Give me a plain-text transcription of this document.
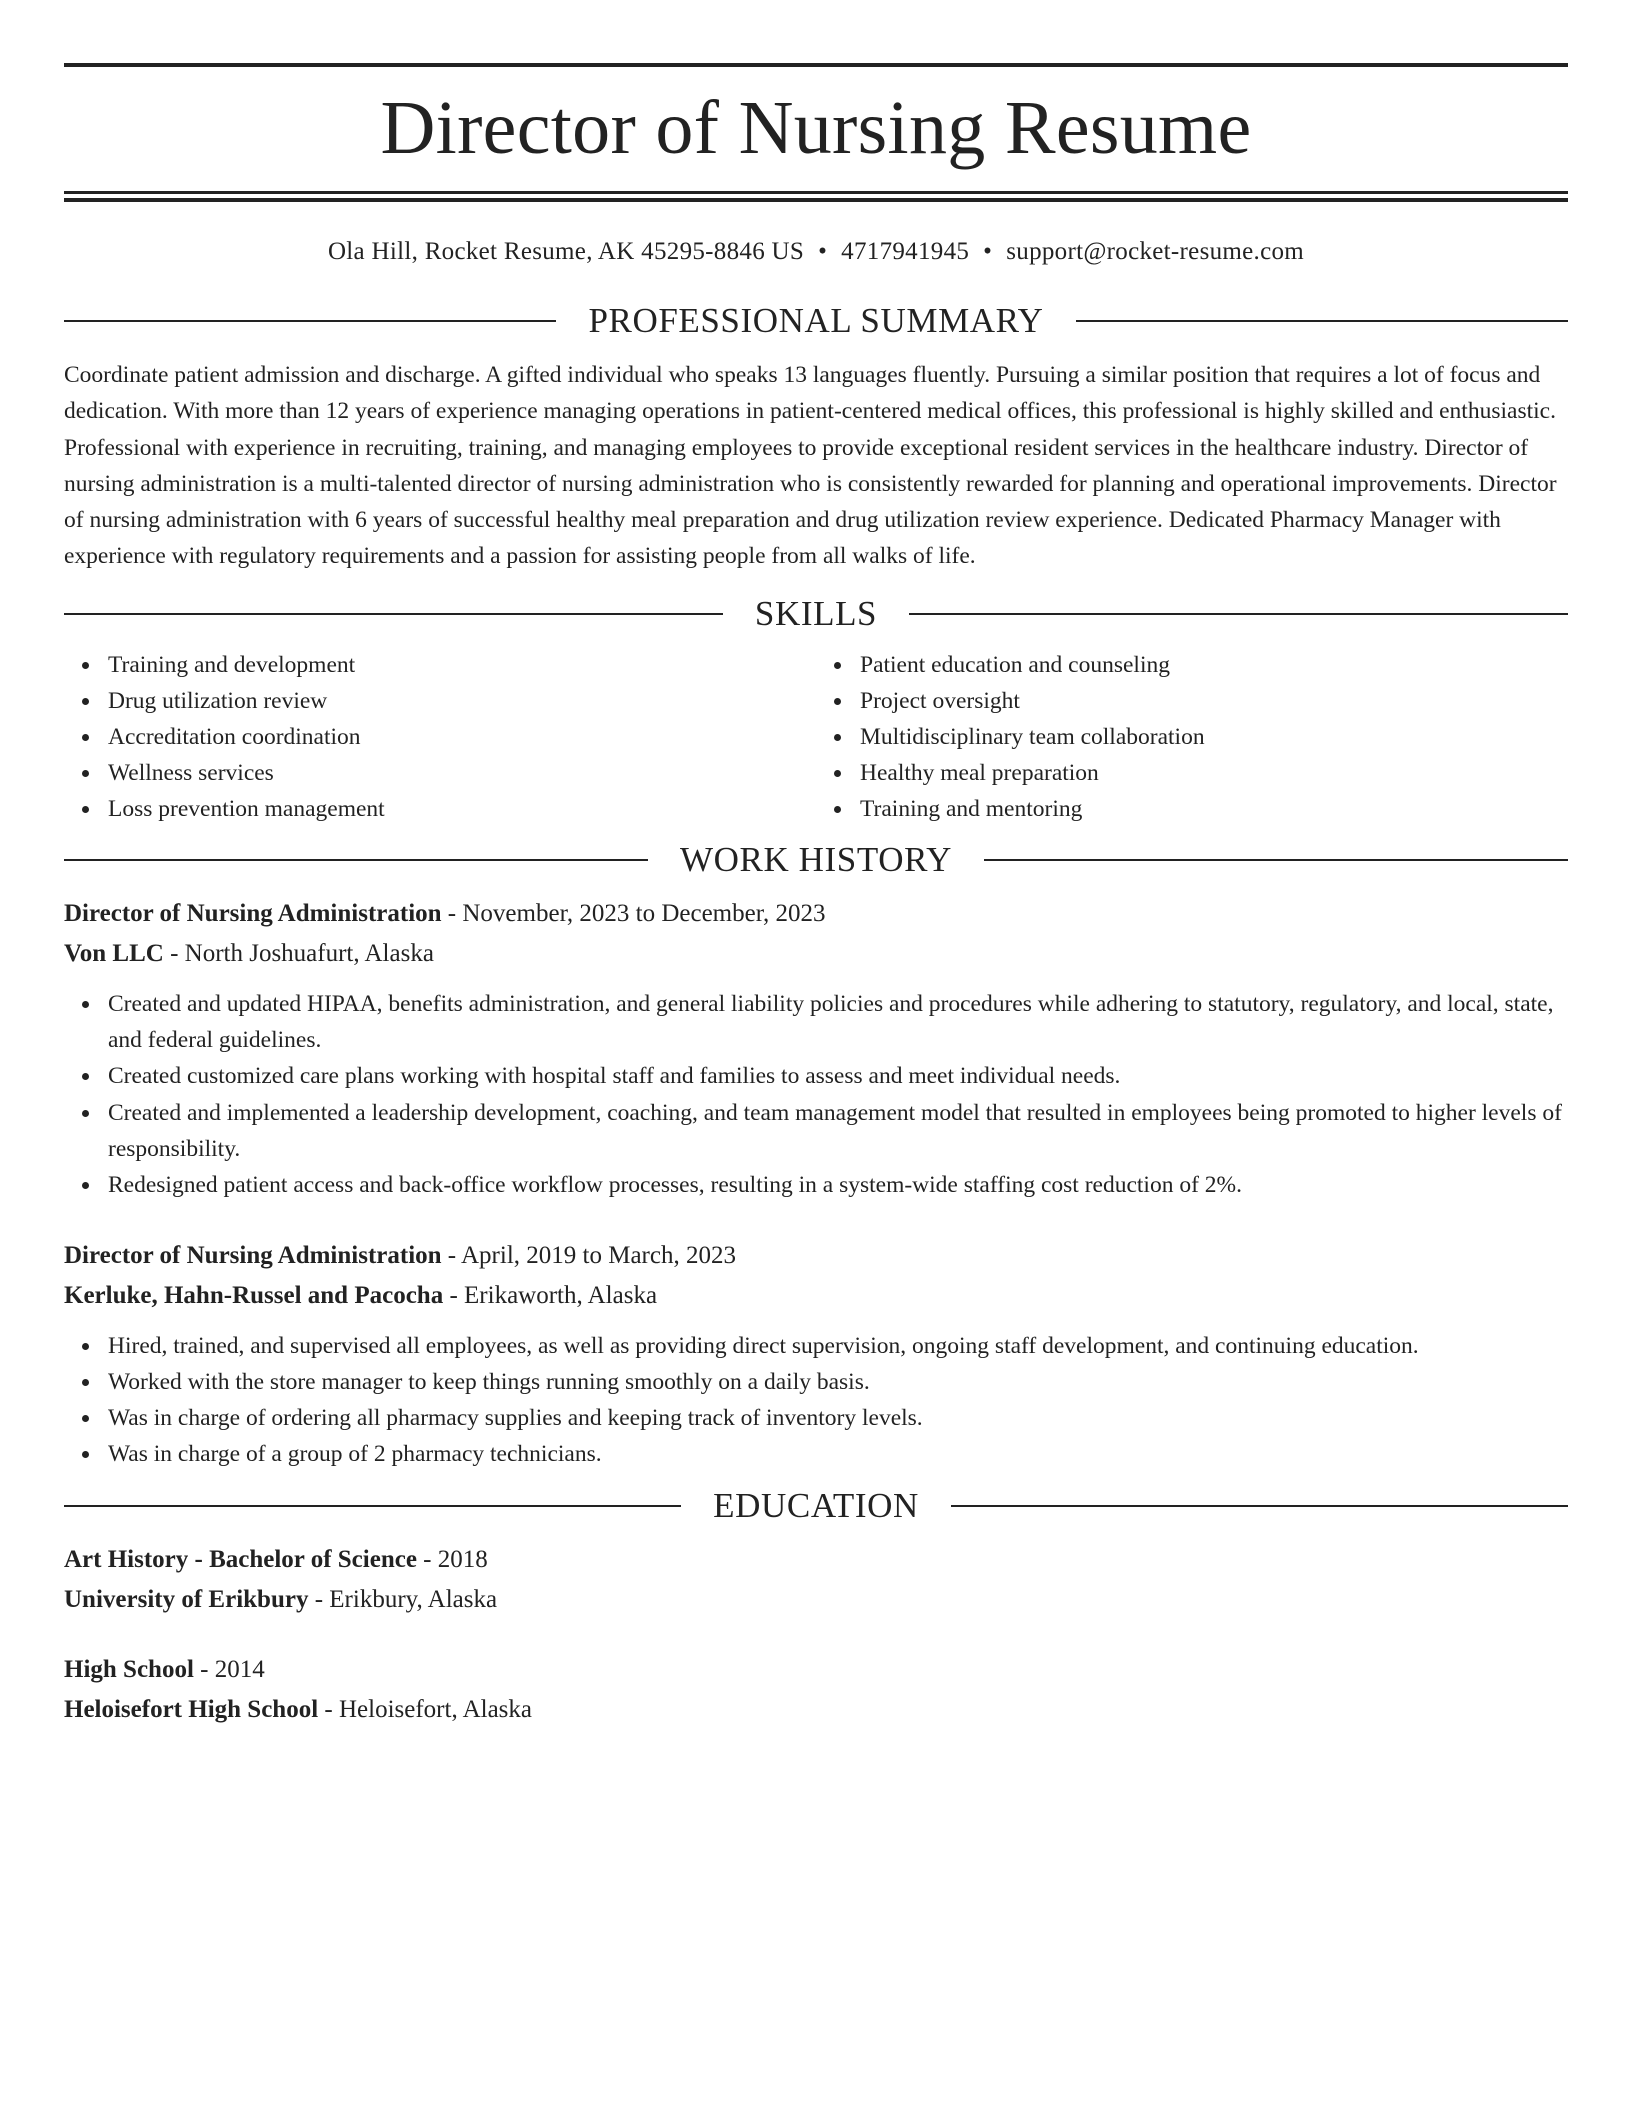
Director of Nursing Resume
Ola Hill, Rocket Resume, AK 45295-8846 US • 4717941945 • support@rocket-resume.com
PROFESSIONAL SUMMARY

Coordinate patient admission and discharge. A gifted individual who speaks 13 languages fluently. Pursuing a similar position that requires a lot of focus and dedication. With more than 12 years of experience managing operations in patient-centered medical offices, this professional is highly skilled and enthusiastic. Professional with experience in recruiting, training, and managing employees to provide exceptional resident services in the healthcare industry. Director of nursing administration is a multi-talented director of nursing administration who is consistently rewarded for planning and operational improvements. Director of nursing administration with 6 years of successful healthy meal preparation and drug utilization review experience. Dedicated Pharmacy Manager with experience with regulatory requirements and a passion for assisting people from all walks of life.

SKILLS
Training and development
Drug utilization review
Accreditation coordination
Wellness services
Loss prevention management
Patient education and counseling
Project oversight
Multidisciplinary team collaboration
Healthy meal preparation
Training and mentoring
WORK HISTORY
Director of Nursing Administration - November, 2023 to December, 2023
Von LLC - North Joshuafurt, Alaska
Created and updated HIPAA, benefits administration, and general liability policies and procedures while adhering to statutory, regulatory, and local, state, and federal guidelines.
Created customized care plans working with hospital staff and families to assess and meet individual needs.
Created and implemented a leadership development, coaching, and team management model that resulted in employees being promoted to higher levels of responsibility.
Redesigned patient access and back-office workflow processes, resulting in a system-wide staffing cost reduction of 2%.
Director of Nursing Administration - April, 2019 to March, 2023
Kerluke, Hahn-Russel and Pacocha - Erikaworth, Alaska
Hired, trained, and supervised all employees, as well as providing direct supervision, ongoing staff development, and continuing education.
Worked with the store manager to keep things running smoothly on a daily basis.
Was in charge of ordering all pharmacy supplies and keeping track of inventory levels.
Was in charge of a group of 2 pharmacy technicians.
EDUCATION
Art History - Bachelor of Science - 2018
University of Erikbury - Erikbury, Alaska
High School - 2014
Heloisefort High School - Heloisefort, Alaska
